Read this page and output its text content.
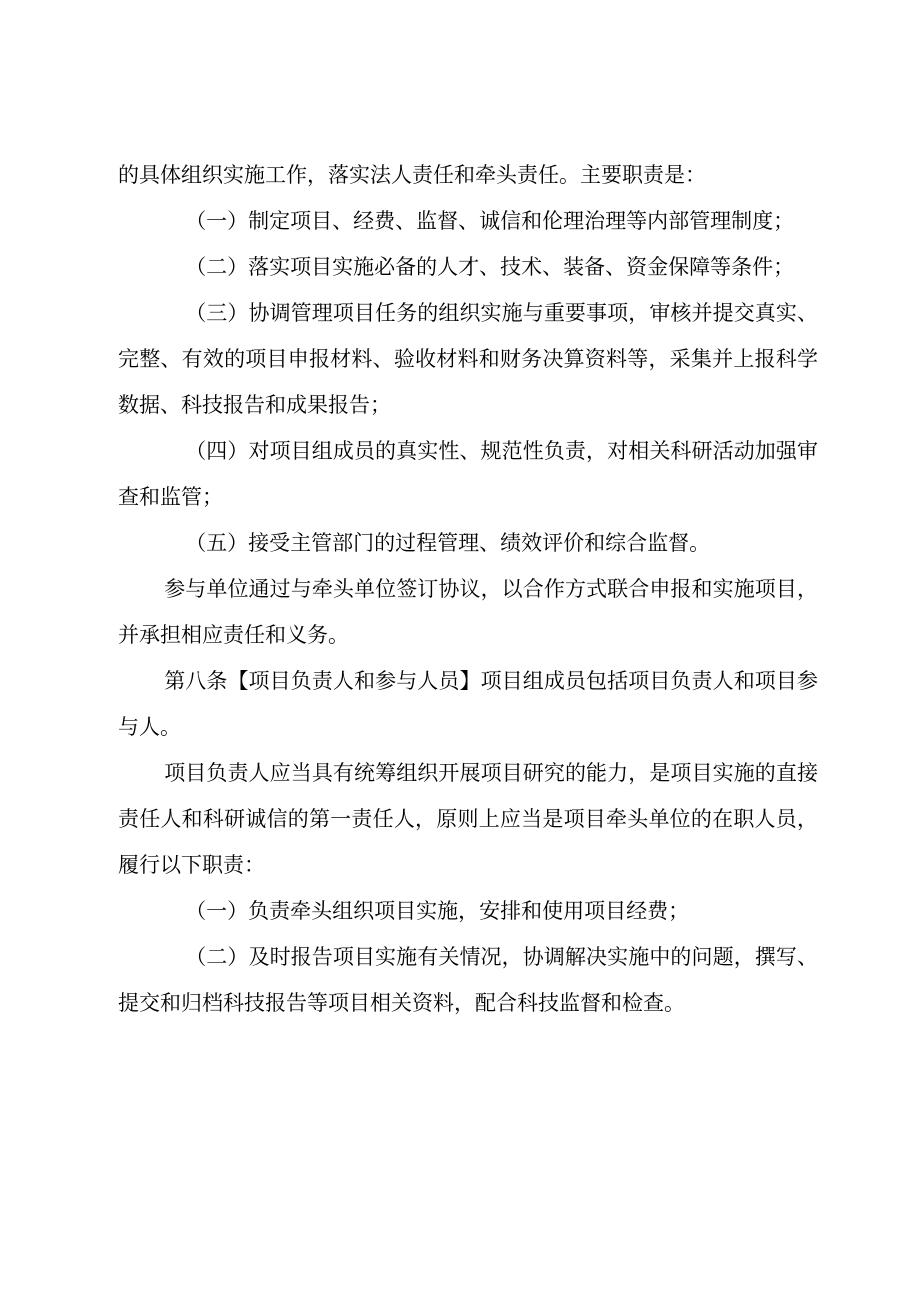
的具体组织实施工作，落实法人责任和牵头责任。主要职责是：

（一）制定项目、经费、监督、诚信和伦理治理等内部管理制度；

（二）落实项目实施必备的人才、技术、装备、资金保障等条件；

（三）协调管理项目任务的组织实施与重要事项，审核并提交真实、完整、有效的项目申报材料、验收材料和财务决算资料等，采集并上报科学数据、科技报告和成果报告；

（四）对项目组成员的真实性、规范性负责，对相关科研活动加强审查和监管；

（五）接受主管部门的过程管理、绩效评价和综合监督。

参与单位通过与牵头单位签订协议，以合作方式联合申报和实施项目，并承担相应责任和义务。

第八条【项目负责人和参与人员】项目组成员包括项目负责人和项目参与人。

项目负责人应当具有统筹组织开展项目研究的能力，是项目实施的直接责任人和科研诚信的第一责任人，原则上应当是项目牵头单位的在职人员，履行以下职责：

（一）负责牵头组织项目实施，安排和使用项目经费；

（二）及时报告项目实施有关情况，协调解决实施中的问题，撰写、提交和归档科技报告等项目相关资料，配合科技监督和检查。
